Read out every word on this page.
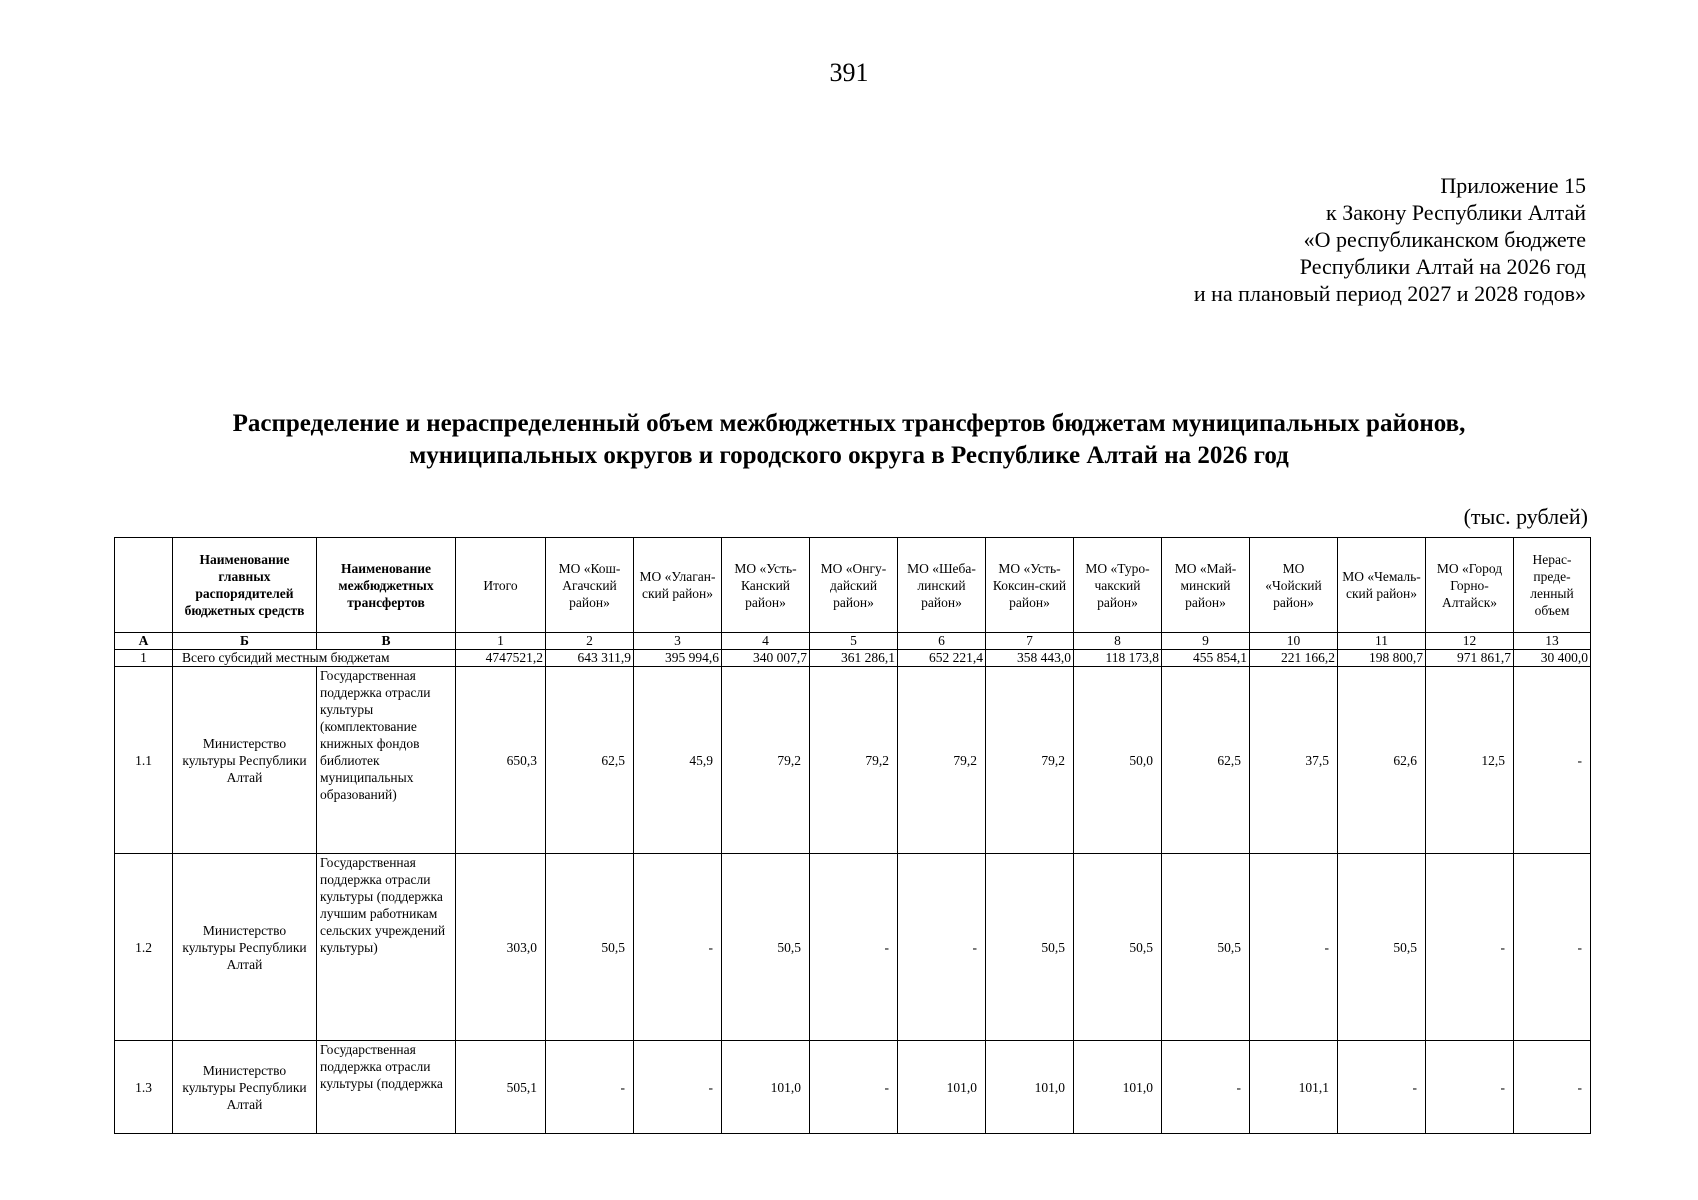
391
Приложение 15
к Закону Республики Алтай
«О республиканском бюджете
Республики Алтай на 2026 год
и на плановый период 2027 и 2028 годов»
Распределение и нераспределенный объем межбюджетных трансфертов бюджетам муниципальных районов,
муниципальных округов и городского округа в Республике Алтай на 2026 год
(тыс. рублей)
	Наименование главных распорядителей бюджетных средств	Наименование межбюджетных трансфертов	Итого	МО «Кош-Агачский район»	МО «Улаган-ский район»	МО «Усть-Канский район»	МО «Онгу-дайский район»	МО «Шеба-линский район»	МО «Усть-Коксин-ский район»	МО «Туро-чакский район»	МО «Май-минский район»	МО «Чойский район»	МО «Чемаль-ский район»	МО «Город Горно-Алтайск»	Нерас-преде-ленный объем
А	Б	В	1	2	3	4	5	6	7	8	9	10	11	12	13
1	Всего субсидий местным бюджетам		4747521,2	643 311,9	395 994,6	340 007,7	361 286,1	652 221,4	358 443,0	118 173,8	455 854,1	221 166,2	198 800,7	971 861,7	30 400,0
1.1	Министерство культуры Республики Алтай	Государственная поддержка отрасли культуры (комплектование книжных фондов библиотек муниципальных образований)	650,3	62,5	45,9	79,2	79,2	79,2	79,2	50,0	62,5	37,5	62,6	12,5	-
1.2	Министерство культуры Республики Алтай	Государственная поддержка отрасли культуры (поддержка лучшим работникам сельских учреждений культуры)	303,0	50,5	-	50,5	-	-	50,5	50,5	50,5	-	50,5	-	-
1.3	Министерство культуры Республики Алтай	Государственная поддержка отрасли культуры (поддержка	505,1	-	-	101,0	-	101,0	101,0	101,0	-	101,1	-	-	-
